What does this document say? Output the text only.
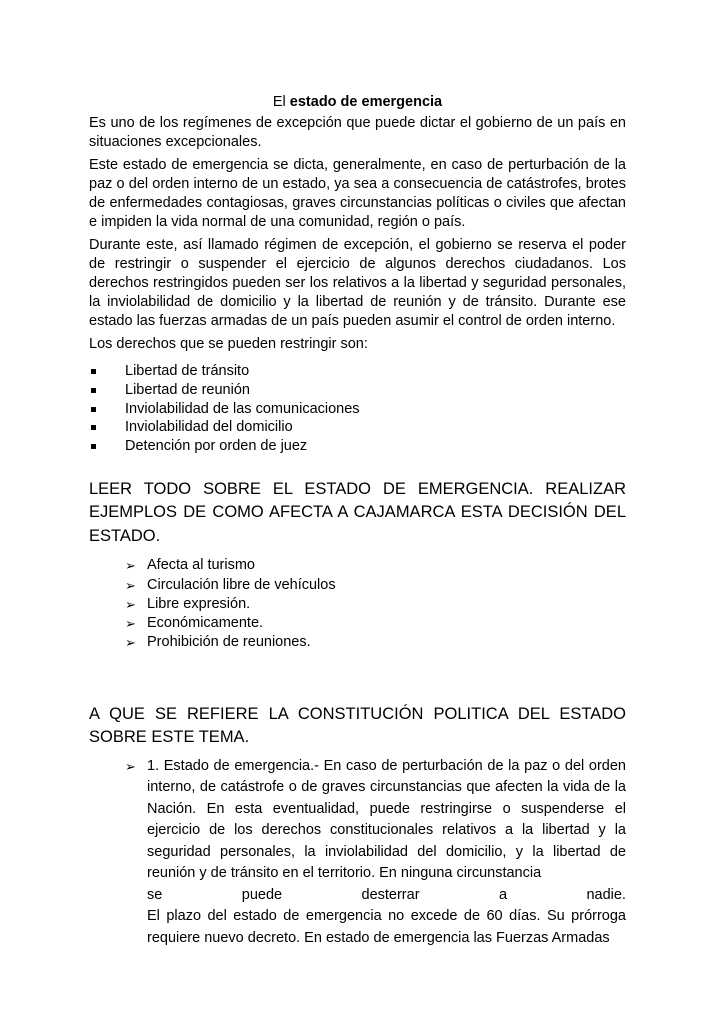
El estado de emergencia

Es uno de los regímenes de excepción que puede dictar el gobierno de un país en situaciones excepcionales.

Este estado de emergencia se dicta, generalmente, en caso de perturbación de la paz o del orden interno de un estado, ya sea a consecuencia de catástrofes, brotes de enfermedades contagiosas, graves circunstancias políticas o civiles que afectan e impiden la vida normal de una comunidad, región o país.

Durante este, así llamado régimen de excepción, el gobierno se reserva el poder de restringir o suspender el ejercicio de algunos derechos ciudadanos. Los derechos restringidos pueden ser los relativos a la libertad y seguridad personales, la inviolabilidad de domicilio y la libertad de reunión y de tránsito. Durante ese estado las fuerzas armadas de un país pueden asumir el control de orden interno.

Los derechos que se pueden restringir son:

Libertad de tránsito
Libertad de reunión
Inviolabilidad de las comunicaciones
Inviolabilidad del domicilio
Detención por orden de juez

LEER TODO SOBRE EL ESTADO DE EMERGENCIA. REALIZAR EJEMPLOS DE COMO AFECTA A CAJAMARCA ESTA DECISIÓN DEL ESTADO.

➢ Afecta al turismo
➢ Circulación libre de vehículos
➢ Libre expresión.
➢ Económicamente.
➢ Prohibición de reuniones.

A QUE SE REFIERE LA CONSTITUCIÓN POLITICA DEL ESTADO SOBRE ESTE TEMA.

➢ 1. Estado de emergencia.- En caso de perturbación de la paz o del orden interno, de catástrofe o de graves circunstancias que afecten la vida de la Nación. En esta eventualidad, puede restringirse o suspenderse el ejercicio de los derechos constitucionales relativos a la libertad y la seguridad personales, la inviolabilidad del domicilio, y la libertad de reunión y de tránsito en el territorio. En ninguna circunstancia

se	puede	desterrar	a	nadie.

El plazo del estado de emergencia no excede de 60 días. Su prórroga requiere nuevo decreto. En estado de emergencia las Fuerzas Armadas
